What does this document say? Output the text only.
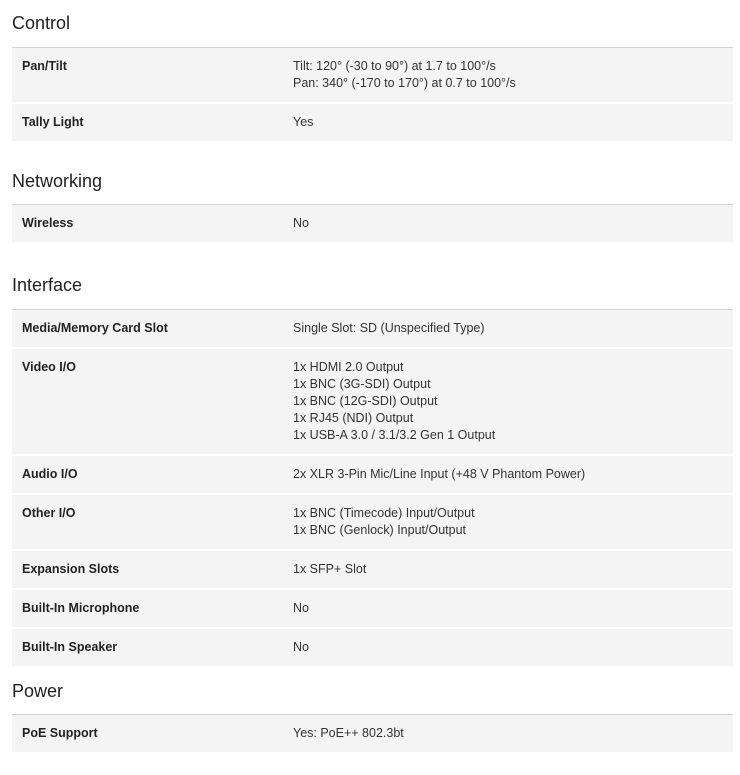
Control
Pan/Tilt	Tilt: 120° (-30 to 90°) at 1.7 to 100°/s
Pan: 340° (-170 to 170°) at 0.7 to 100°/s

Tally Light	Yes
Networking
Wireless	No
Interface
Media/Memory Card Slot	Single Slot: SD (Unspecified Type)

Video I/O	1x HDMI 2.0 Output
1x BNC (3G-SDI) Output
1x BNC (12G-SDI) Output
1x RJ45 (NDI) Output
1x USB-A 3.0 / 3.1/3.2 Gen 1 Output

Audio I/O	2x XLR 3-Pin Mic/Line Input (+48 V Phantom Power)

Other I/O	1x BNC (Timecode) Input/Output
1x BNC (Genlock) Input/Output

Expansion Slots	1x SFP+ Slot

Built-In Microphone	No

Built-In Speaker	No
Power
PoE Support	Yes: PoE++ 802.3bt
